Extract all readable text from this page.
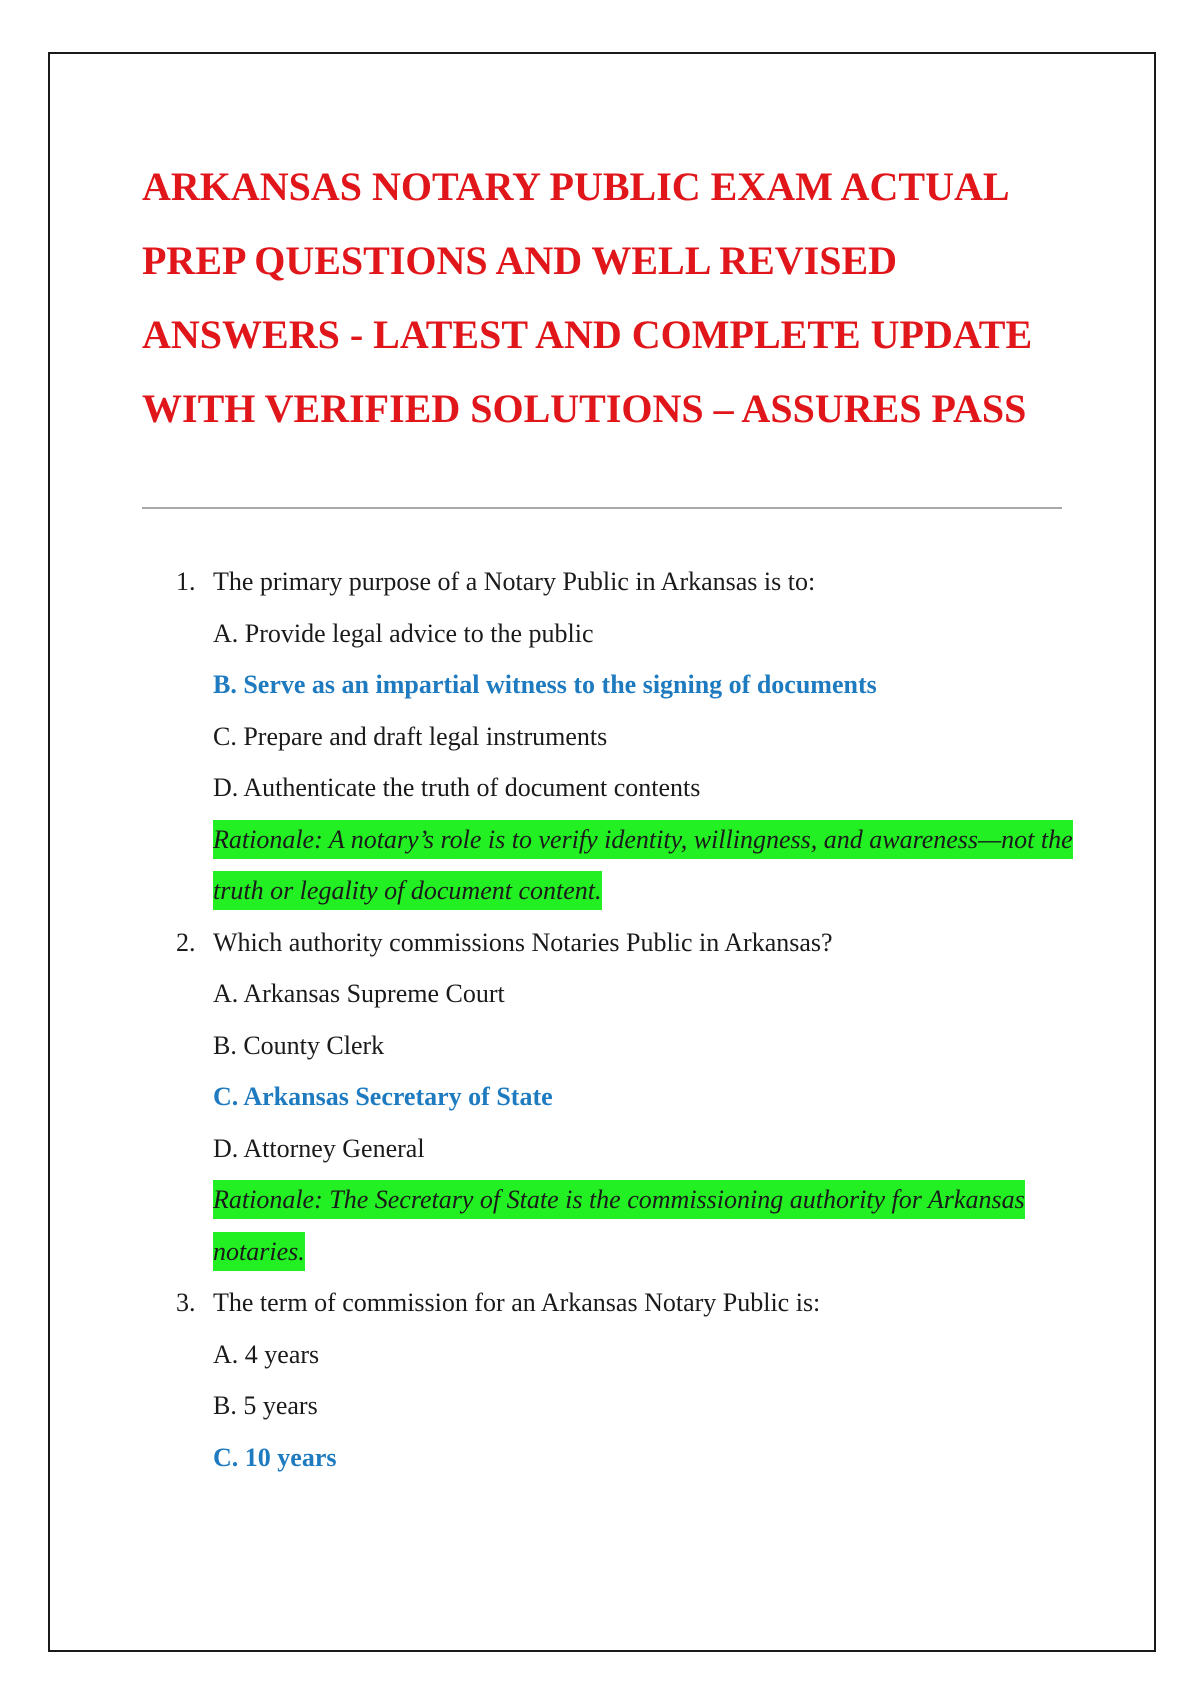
ARKANSAS NOTARY PUBLIC EXAM ACTUAL
PREP QUESTIONS AND WELL REVISED
ANSWERS - LATEST AND COMPLETE UPDATE
WITH VERIFIED SOLUTIONS – ASSURES PASS
1. The primary purpose of a Notary Public in Arkansas is to:
A. Provide legal advice to the public
B. Serve as an impartial witness to the signing of documents
C. Prepare and draft legal instruments
D. Authenticate the truth of document contents
Rationale: A notary’s role is to verify identity, willingness, and awareness—not the truth or legality of document content.
2. Which authority commissions Notaries Public in Arkansas?
A. Arkansas Supreme Court
B. County Clerk
C. Arkansas Secretary of State
D. Attorney General
Rationale: The Secretary of State is the commissioning authority for Arkansas notaries.
3. The term of commission for an Arkansas Notary Public is:
A. 4 years
B. 5 years
C. 10 years
